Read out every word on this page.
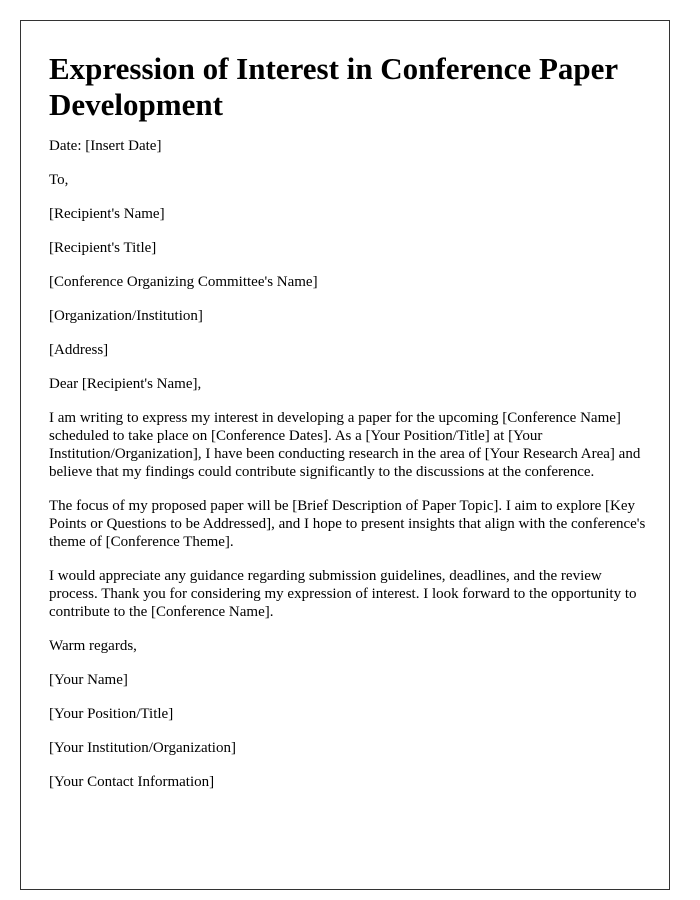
Expression of Interest in Conference Paper Development
Date: [Insert Date]
To,
[Recipient's Name]
[Recipient's Title]
[Conference Organizing Committee's Name]
[Organization/Institution]
[Address]
Dear [Recipient's Name],

I am writing to express my interest in developing a paper for the upcoming [Conference Name] scheduled to take place on [Conference Dates]. As a [Your Position/Title] at [Your Institution/Organization], I have been conducting research in the area of [Your Research Area] and believe that my findings could contribute significantly to the discussions at the conference.

The focus of my proposed paper will be [Brief Description of Paper Topic]. I aim to explore [Key Points or Questions to be Addressed], and I hope to present insights that align with the conference's theme of [Conference Theme].

I would appreciate any guidance regarding submission guidelines, deadlines, and the review process. Thank you for considering my expression of interest. I look forward to the opportunity to contribute to the [Conference Name].

Warm regards,
[Your Name]
[Your Position/Title]
[Your Institution/Organization]
[Your Contact Information]
